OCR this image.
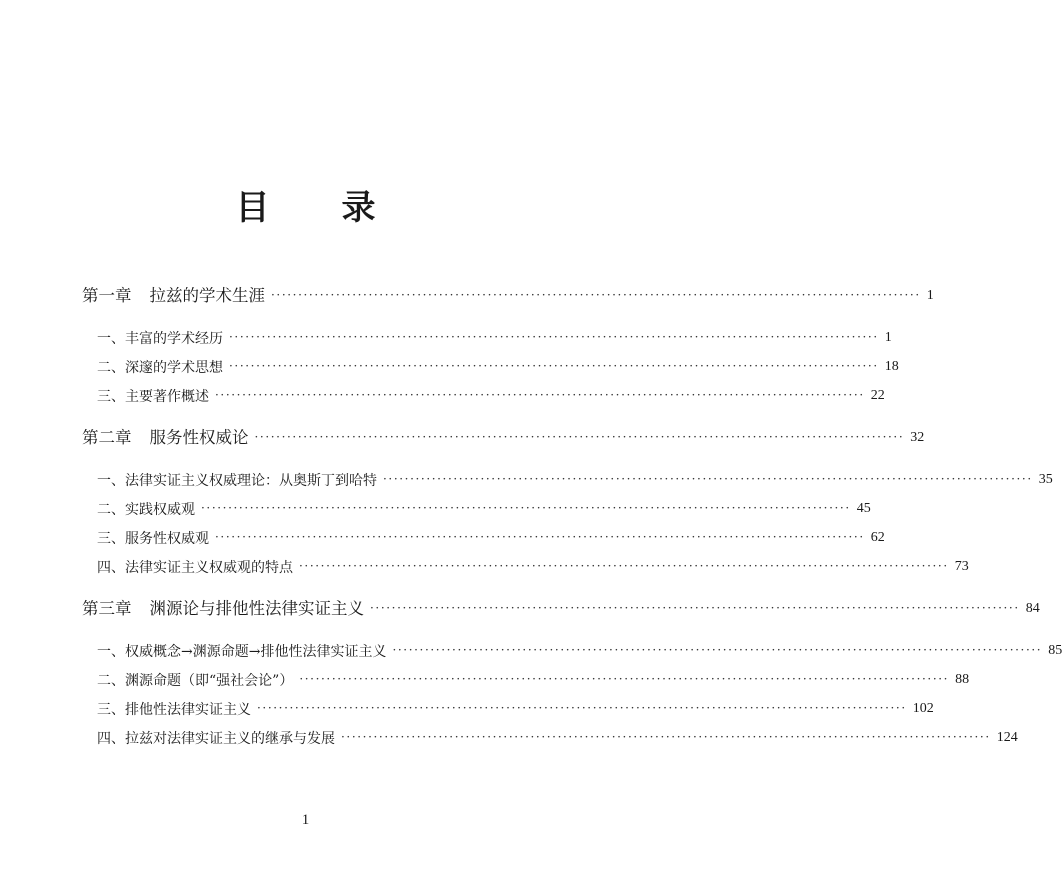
目 录
第一章 拉兹的学术生涯 ························································································································ 1
一、丰富的学术经历 ························································································································ 1
二、深邃的学术思想 ························································································································ 18
三、主要著作概述 ························································································································ 22
第二章 服务性权威论 ························································································································ 32
一、法律实证主义权威理论：从奥斯丁到哈特 ························································································································ 35
二、实践权威观 ························································································································ 45
三、服务性权威观 ························································································································ 62
四、法律实证主义权威观的特点 ························································································································ 73
第三章 渊源论与排他性法律实证主义 ························································································································ 84
一、权威概念→渊源命题→排他性法律实证主义 ························································································································ 85
二、渊源命题（即“强社会论”） ························································································································ 88
三、排他性法律实证主义 ························································································································ 102
四、拉兹对法律实证主义的继承与发展 ························································································································ 124
1
